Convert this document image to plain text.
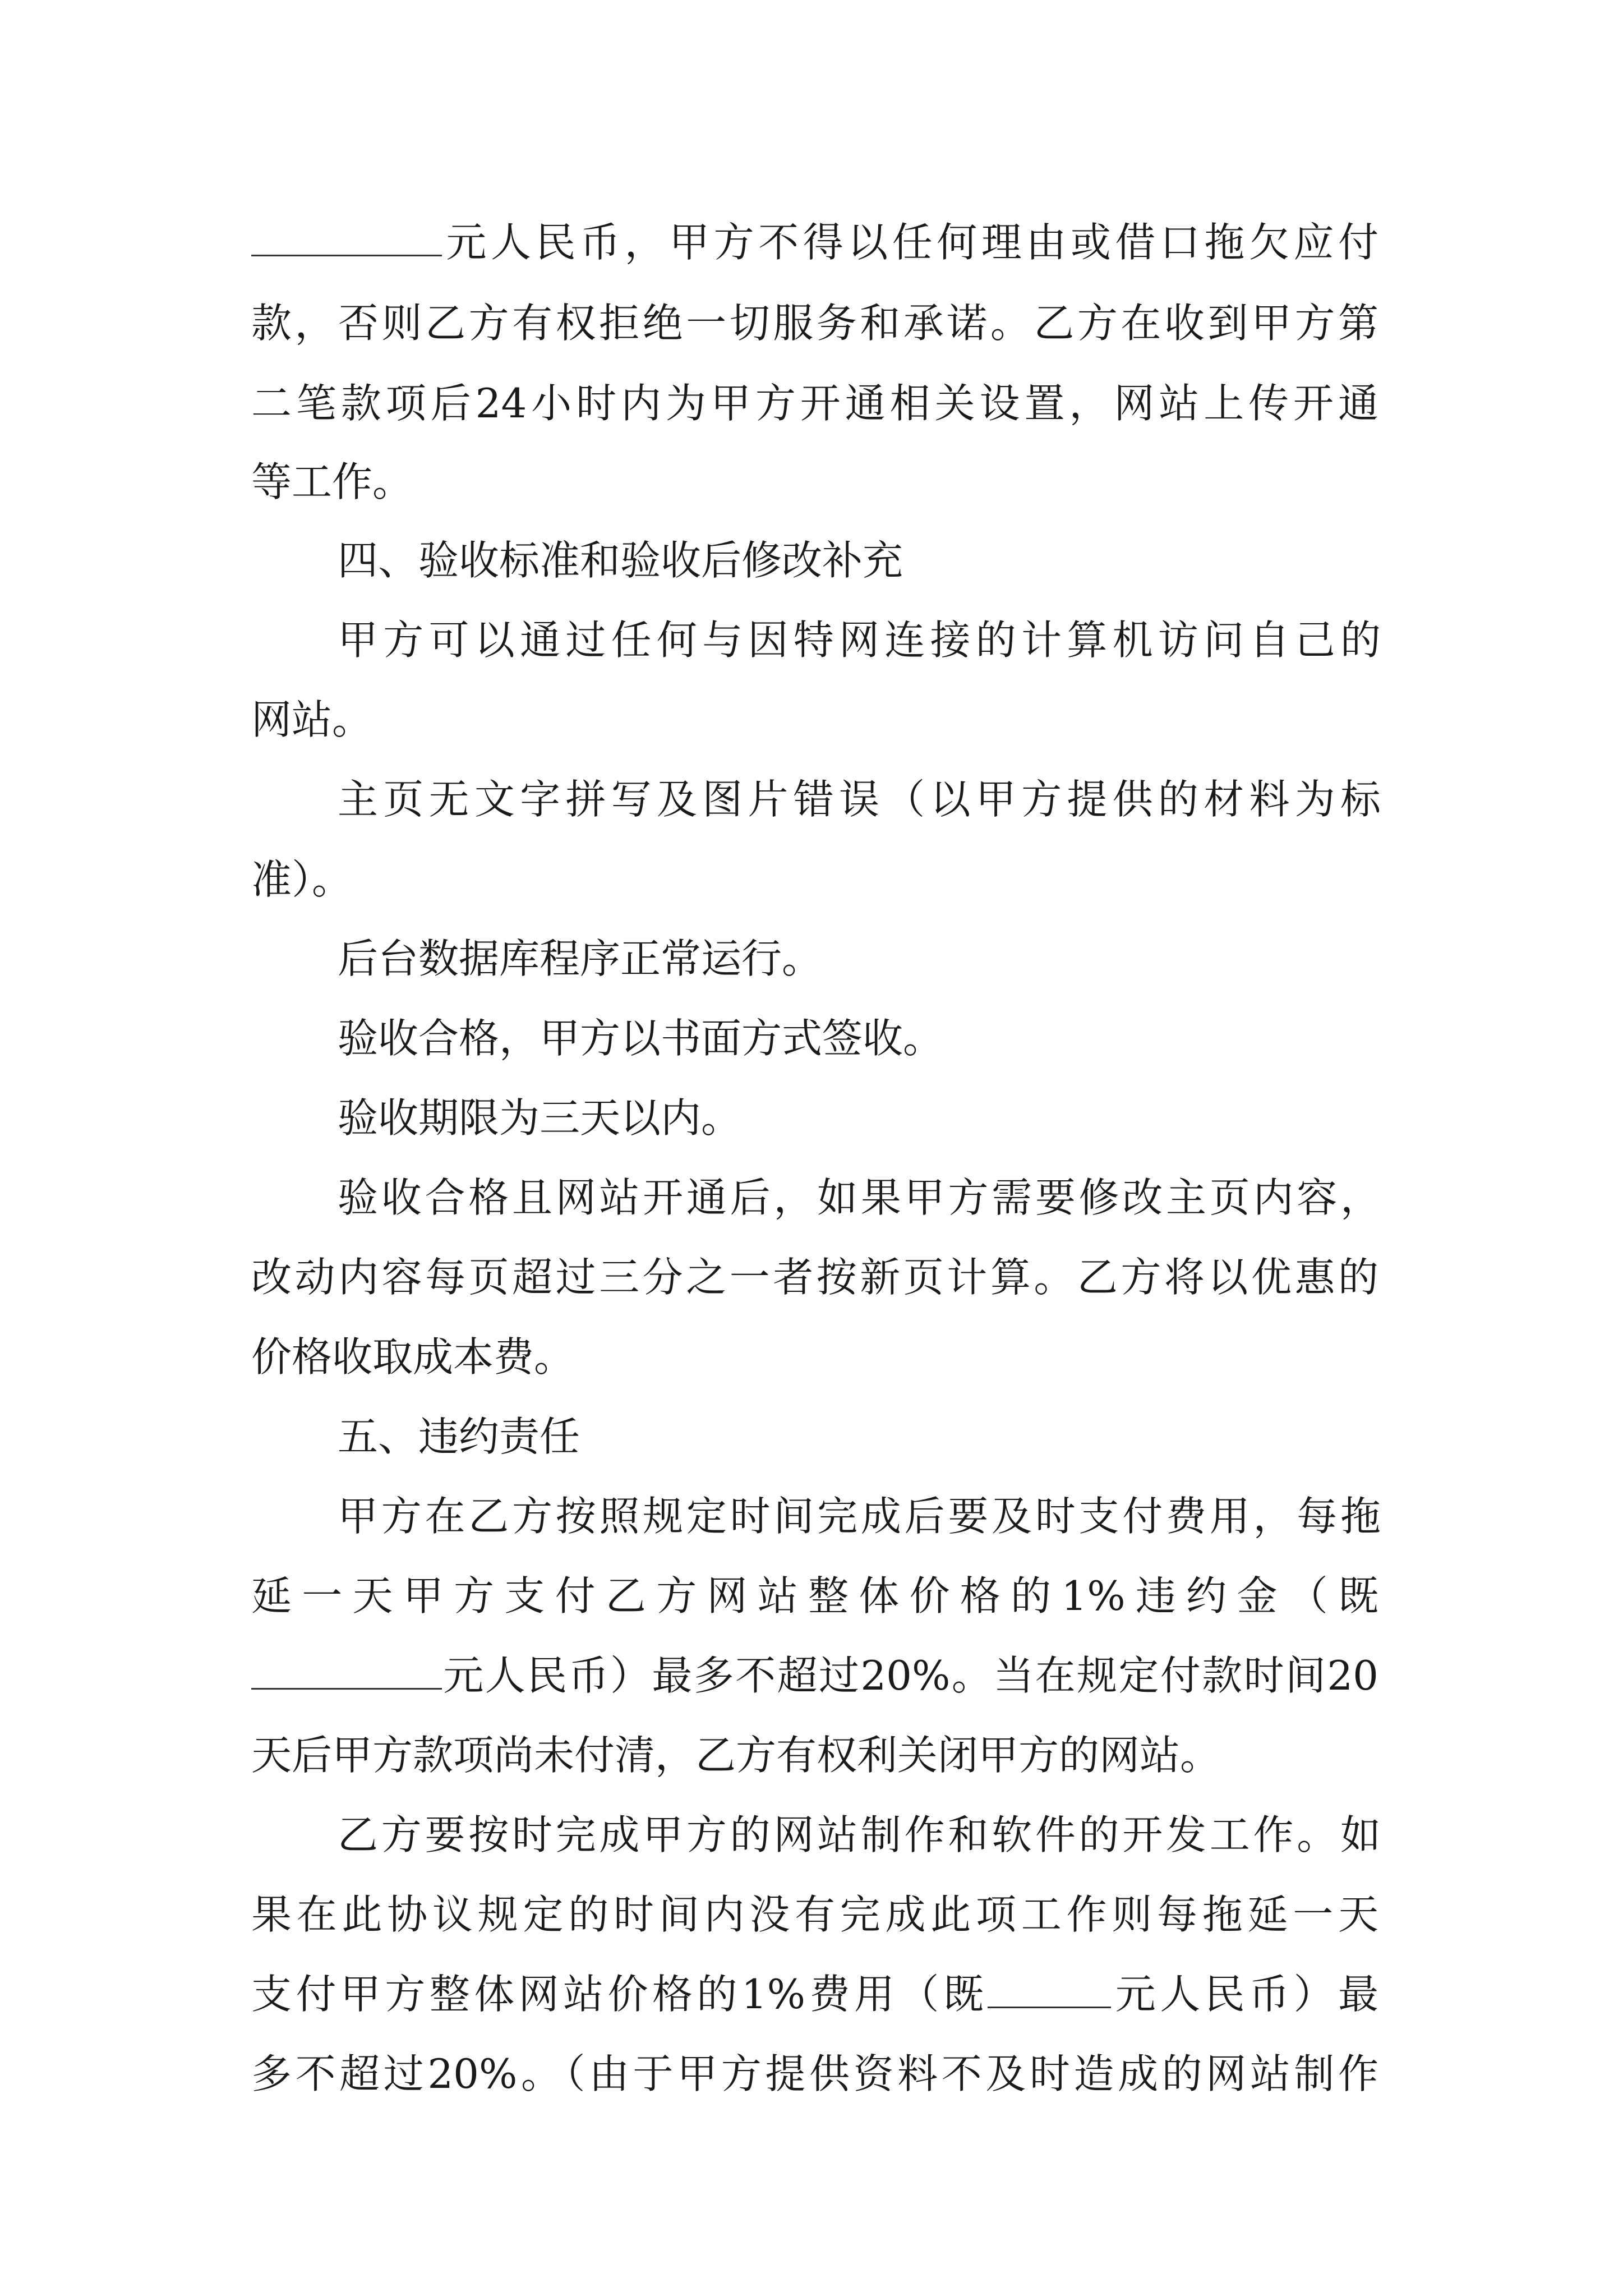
元人民币，甲方不得以任何理由或借口拖欠应付
款，否则乙方有权拒绝一切服务和承诺。乙方在收到甲方第
二笔款项后24小时内为甲方开通相关设置，网站上传开通
等工作。
四、验收标准和验收后修改补充
甲方可以通过任何与因特网连接的计算机访问自己的
网站。
主页无文字拼写及图片错误（以甲方提供的材料为标
准）。
后台数据库程序正常运行。
验收合格，甲方以书面方式签收。
验收期限为三天以内。
验收合格且网站开通后，如果甲方需要修改主页内容，
改动内容每页超过三分之一者按新页计算。乙方将以优惠的
价格收取成本费。
五、违约责任
甲方在乙方按照规定时间完成后要及时支付费用，每拖
延一天甲方支付乙方网站整体价格的1%违约金（既
元人民币）最多不超过20%。当在规定付款时间20
天后甲方款项尚未付清，乙方有权利关闭甲方的网站。
乙方要按时完成甲方的网站制作和软件的开发工作。如
果在此协议规定的时间内没有完成此项工作则每拖延一天
支付甲方整体网站价格的1%费用（既	元人民币）最
多不超过20%。（由于甲方提供资料不及时造成的网站制作
